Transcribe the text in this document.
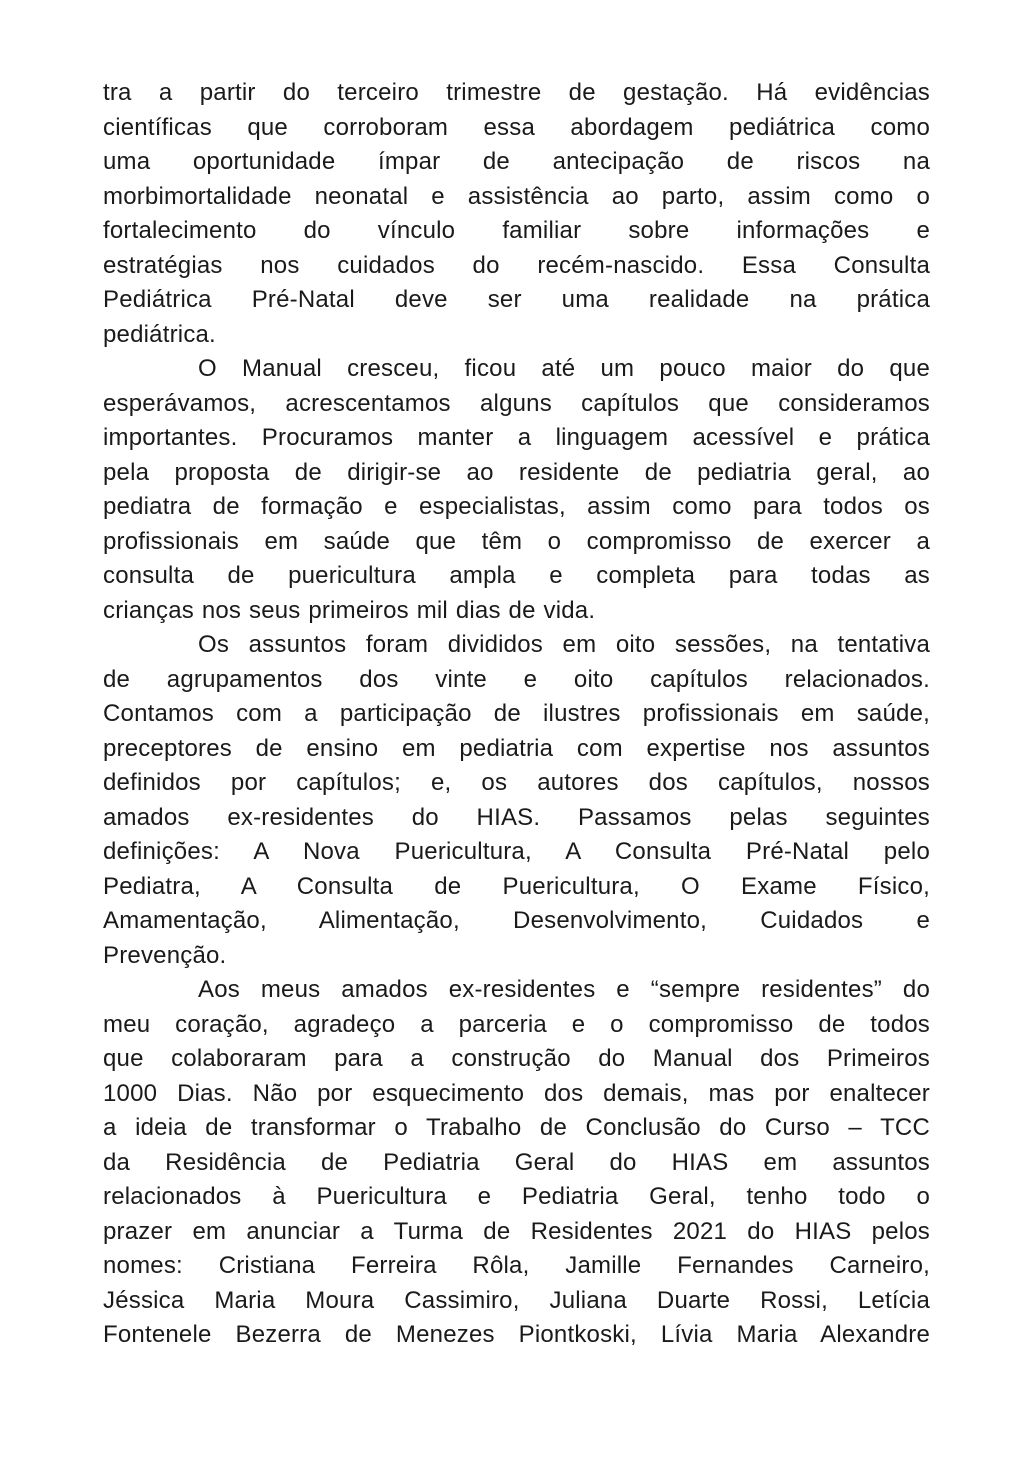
tra a partir do terceiro trimestre de gestação. Há evidências
científicas que corroboram essa abordagem pediátrica como
uma oportunidade ímpar de antecipação de riscos na
morbimortalidade neonatal e assistência ao parto, assim como o
fortalecimento do vínculo familiar sobre informações e
estratégias nos cuidados do recém-nascido. Essa Consulta
Pediátrica Pré-Natal deve ser uma realidade na prática
pediátrica.
O Manual cresceu, ficou até um pouco maior do que
esperávamos, acrescentamos alguns capítulos que consideramos
importantes. Procuramos manter a linguagem acessível e prática
pela proposta de dirigir-se ao residente de pediatria geral, ao
pediatra de formação e especialistas, assim como para todos os
profissionais em saúde que têm o compromisso de exercer a
consulta de puericultura ampla e completa para todas as
crianças nos seus primeiros mil dias de vida.
Os assuntos foram divididos em oito sessões, na tentativa
de agrupamentos dos vinte e oito capítulos relacionados.
Contamos com a participação de ilustres profissionais em saúde,
preceptores de ensino em pediatria com expertise nos assuntos
definidos por capítulos; e, os autores dos capítulos, nossos
amados ex-residentes do HIAS. Passamos pelas seguintes
definições: A Nova Puericultura, A Consulta Pré-Natal pelo
Pediatra, A Consulta de Puericultura, O Exame Físico,
Amamentação, Alimentação, Desenvolvimento, Cuidados e
Prevenção.
Aos meus amados ex-residentes e “sempre residentes” do
meu coração, agradeço a parceria e o compromisso de todos
que colaboraram para a construção do Manual dos Primeiros
1000 Dias. Não por esquecimento dos demais, mas por enaltecer
a ideia de transformar o Trabalho de Conclusão do Curso – TCC
da Residência de Pediatria Geral do HIAS em assuntos
relacionados à Puericultura e Pediatria Geral, tenho todo o
prazer em anunciar a Turma de Residentes 2021 do HIAS pelos
nomes: Cristiana Ferreira Rôla, Jamille Fernandes Carneiro,
Jéssica Maria Moura Cassimiro, Juliana Duarte Rossi, Letícia
Fontenele Bezerra de Menezes Piontkoski, Lívia Maria Alexandre
